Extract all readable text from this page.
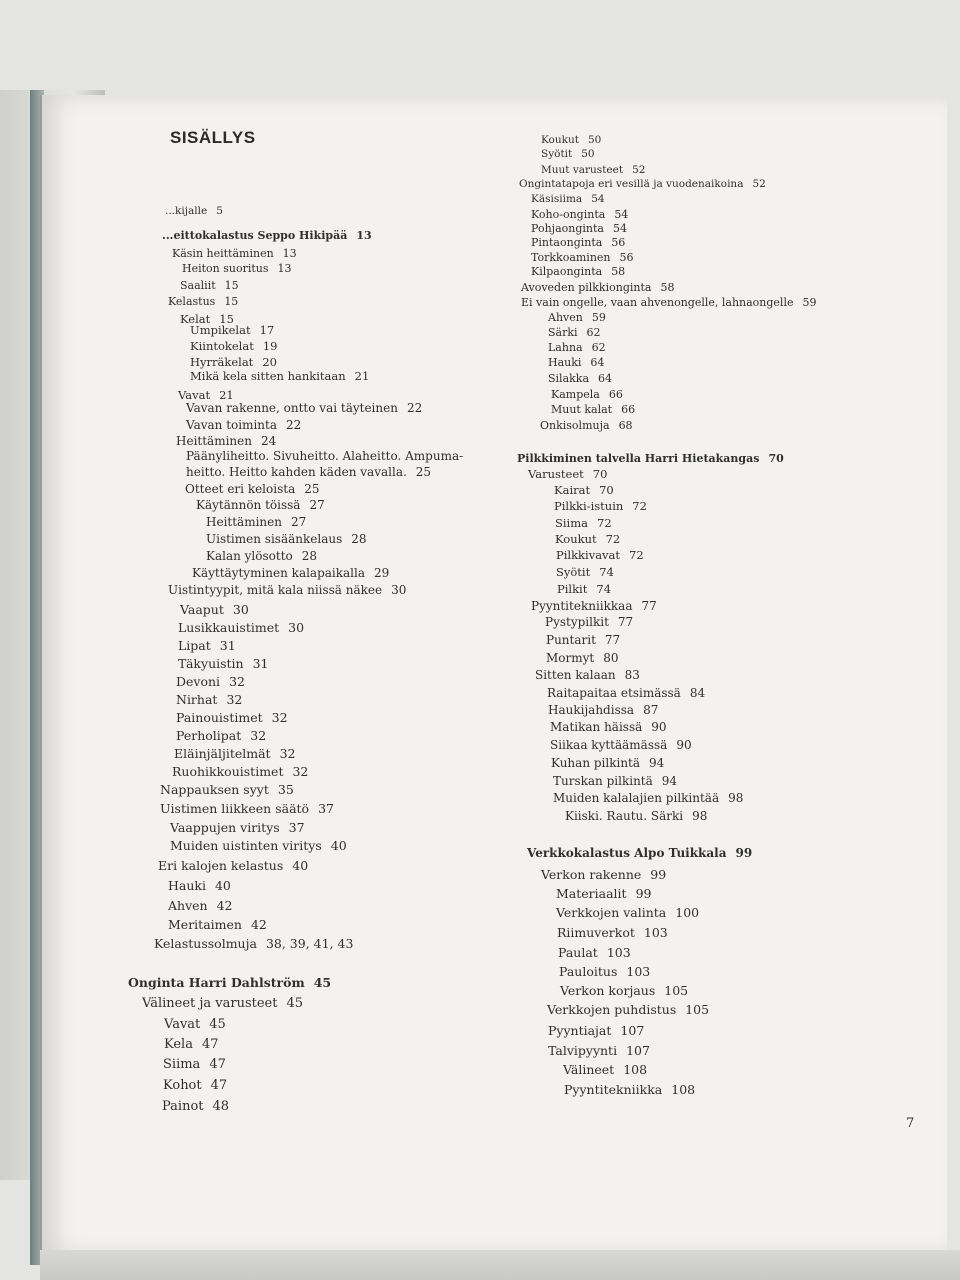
SISÄLLYS
...kijalle 5
...eittokalastus Seppo Hikipää 13
Käsin heittäminen 13
Heiton suoritus 13
Saaliit 15
Kelastus 15
Kelat 15
Umpikelat 17
Kiintokelat 19
Hyrräkelat 20
Mikä kela sitten hankitaan 21
Vavat 21
Vavan rakenne, ontto vai täyteinen 22
Vavan toiminta 22
Heittäminen 24
Päänyliheitto. Sivuheitto. Alaheitto. Ampuma-
heitto. Heitto kahden käden vavalla. 25
Otteet eri keloista 25
Käytännön töissä 27
Heittäminen 27
Uistimen sisäänkelaus 28
Kalan ylösotto 28
Käyttäytyminen kalapaikalla 29
Uistintyypit, mitä kala niissä näkee 30
Vaaput 30
Lusikkauistimet 30
Lipat 31
Täkyuistin 31
Devoni 32
Nirhat 32
Painouistimet 32
Perholipat 32
Eläinjäljitelmät 32
Ruohikkouistimet 32
Nappauksen syyt 35
Uistimen liikkeen säätö 37
Vaappujen viritys 37
Muiden uistinten viritys 40
Eri kalojen kelastus 40
Hauki 40
Ahven 42
Meritaimen 42
Kelastussolmuja 38, 39, 41, 43
Onginta Harri Dahlström 45
Välineet ja varusteet 45
Vavat 45
Kela 47
Siima 47
Kohot 47
Painot 48
Koukut 50
Syötit 50
Muut varusteet 52
Ongintatapoja eri vesillä ja vuodenaikoina 52
Käsisiima 54
Koho-onginta 54
Pohjaonginta 54
Pintaonginta 56
Torkkoaminen 56
Kilpaonginta 58
Avoveden pilkkionginta 58
Ei vain ongelle, vaan ahvenongelle, lahnaongelle 59
Ahven 59
Särki 62
Lahna 62
Hauki 64
Silakka 64
Kampela 66
Muut kalat 66
Onkisolmuja 68
Pilkkiminen talvella Harri Hietakangas 70
Varusteet 70
Kairat 70
Pilkki-istuin 72
Siima 72
Koukut 72
Pilkkivavat 72
Syötit 74
Pilkit 74
Pyyntitekniikkaa 77
Pystypilkit 77
Puntarit 77
Mormyt 80
Sitten kalaan 83
Raitapaitaa etsimässä 84
Haukijahdissa 87
Matikan häissä 90
Siikaa kyttäämässä 90
Kuhan pilkintä 94
Turskan pilkintä 94
Muiden kalalajien pilkintää 98
Kiiski. Rautu. Särki 98
Verkkokalastus Alpo Tuikkala 99
Verkon rakenne 99
Materiaalit 99
Verkkojen valinta 100
Riimuverkot 103
Paulat 103
Pauloitus 103
Verkon korjaus 105
Verkkojen puhdistus 105
Pyyntiajat 107
Talvipyynti 107
Välineet 108
Pyyntitekniikka 108
7
